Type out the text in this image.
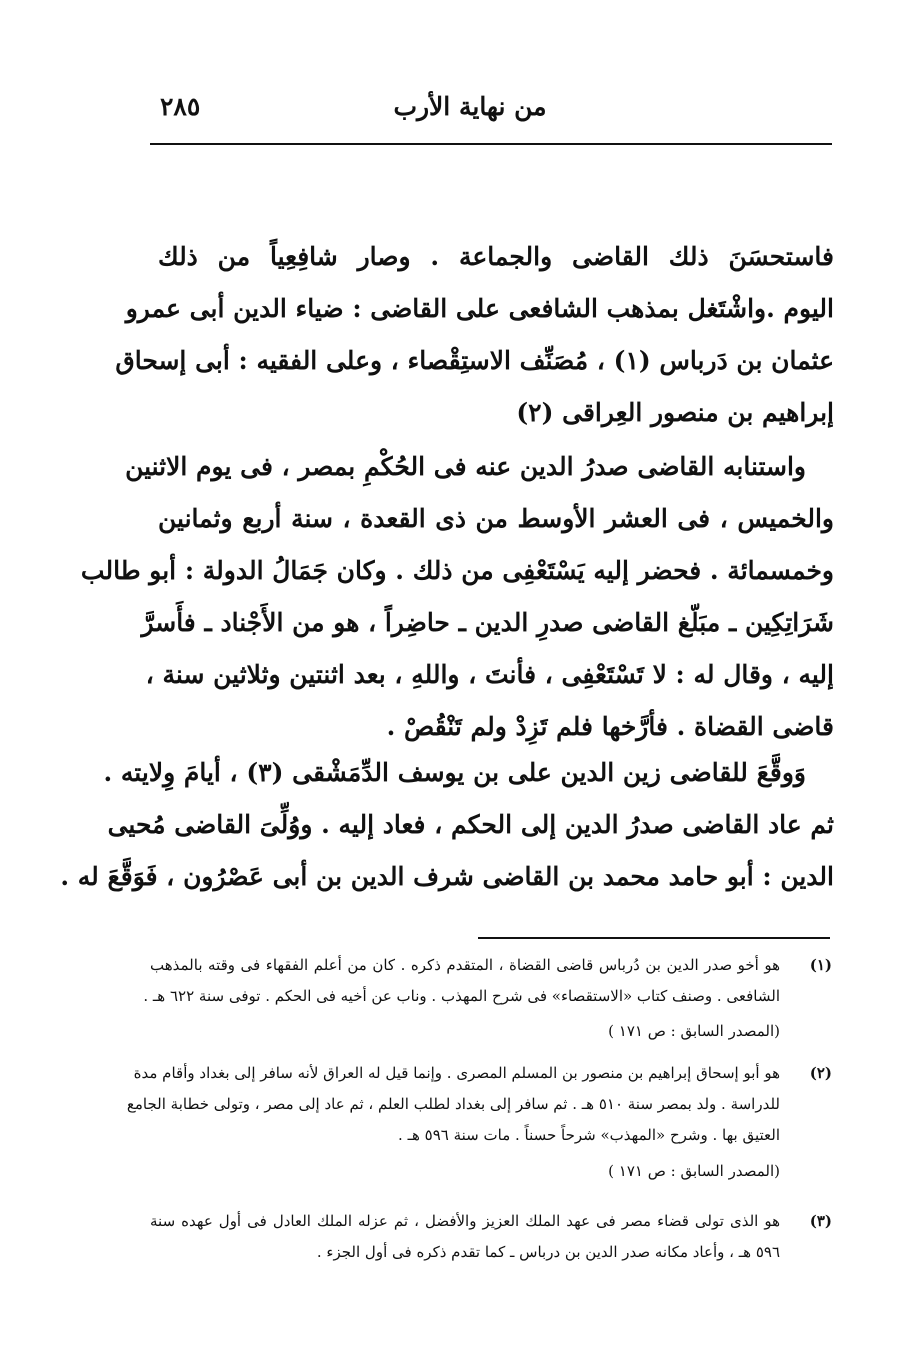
من نهاية الأرب
٢٨٥
فاستحسَنَ ذلك القاضى والجماعة . وصار شافِعِياً من ذلك
اليوم .واشْتَغل بمذهب الشافعى على القاضى : ضياء الدين أبى عمرو
عثمان بن دَرباس (١) ، مُصَنِّف الاستِقْصاء ، وعلى الفقيه : أبى إسحاق
إبراهيم بن منصور العِراقى (٢)
واستنابه القاضى صدرُ الدين عنه فى الحُكْمِ بمصر ، فى يوم الاثنين
والخميس ، فى العشر الأوسط من ذى القعدة ، سنة أربع وثمانين
وخمسمائة . فحضر إليه يَسْتَعْفِى من ذلك . وكان جَمَالُ الدولة : أبو طالب
شَرَاتِكِين ـ مبَلّغ القاضى صدرِ الدين ـ حاضِراً ، هو من الأَجْناد ـ فأَسرَّ
إليه ، وقال له : لا تَسْتَعْفِى ، فأنتَ ، واللهِ ، بعد اثنتين وثلاثين سنة ،
قاضى القضاة . فأرَّخها فلم تَزِدْ ولم تَنْقُصْ .
وَوقَّعَ للقاضى زين الدين على بن يوسف الدِّمَشْقى (٣) ، أيامَ وِلايته .
ثم عاد القاضى صدرُ الدين إلى الحكم ، فعاد إليه . ووُلِّىَ القاضى مُحيى
الدين : أبو حامد محمد بن القاضى شرف الدين بن أبى عَصْرُون ، فَوَقَّعَ له .
(١)
هو أخو صدر الدين بن دُرباس قاضى القضاة ، المتقدم ذكره . كان من أعلم الفقهاء فى وقته بالمذهب
الشافعى . وصنف كتاب «الاستقصاء» فى شرح المهذب . وناب عن أخيه فى الحكم . توفى سنة ٦٢٢ هـ .
(المصدر السابق : ص ١٧١ )
(٢)
هو أبو إسحاق إبراهيم بن منصور بن المسلم المصرى . وإنما قيل له العراق لأنه سافر إلى بغداد وأقام مدة
للدراسة . ولد بمصر سنة ٥١٠ هـ . ثم سافر إلى بغداد لطلب العلم ، ثم عاد إلى مصر ، وتولى خطابة الجامع
العتيق بها . وشرح «المهذب» شرحاً حسناً . مات سنة ٥٩٦ هـ .
(المصدر السابق : ص ١٧١ )
(٣)
هو الذى تولى قضاء مصر فى عهد الملك العزيز والأفضل ، ثم عزله الملك العادل فى أول عهده سنة
٥٩٦ هـ ، وأعاد مكانه صدر الدين بن درباس ـ كما تقدم ذكره فى أول الجزء .
